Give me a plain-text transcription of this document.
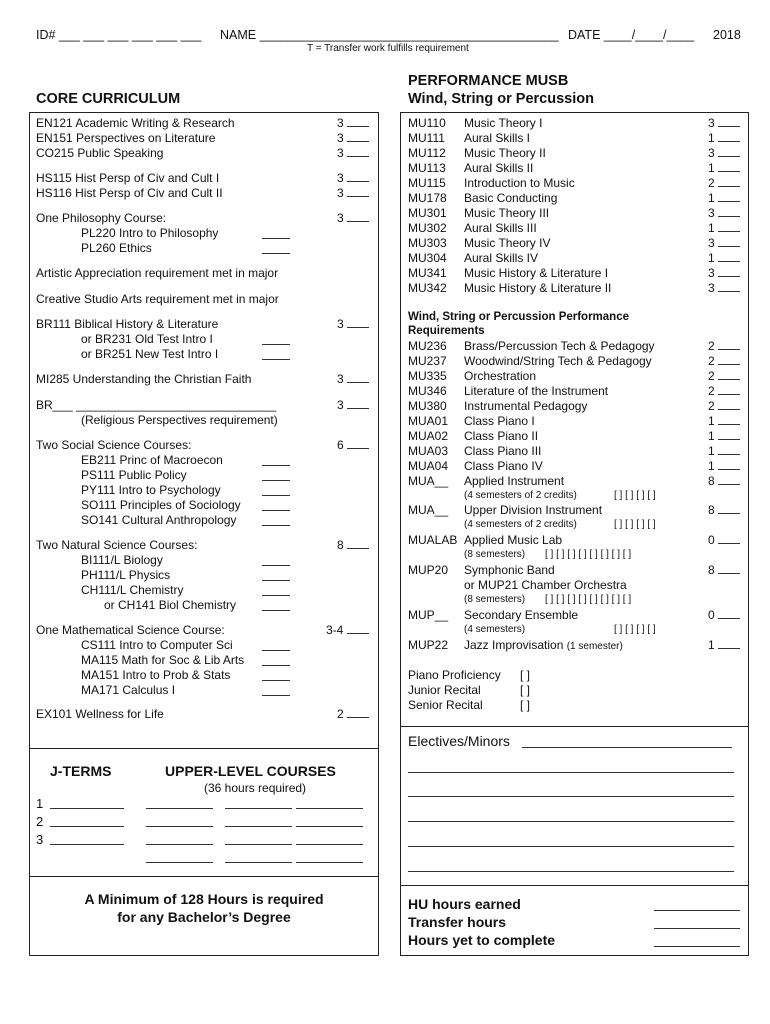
ID# ___ ___ ___ ___ ___ ___ NAME ___________________________________________ DATE ____/____/____ 2018
T = Transfer work fulfills requirement
CORE CURRICULUM
EN121 Academic Writing & Research	3
EN151 Perspectives on Literature	3
CO215 Public Speaking	3
HS115 Hist Persp of Civ and Cult I	3
HS116 Hist Persp of Civ and Cult II	3
One Philosophy Course:	3
PL220 Intro to Philosophy
PL260 Ethics
Artistic Appreciation requirement met in major
Creative Studio Arts requirement met in major
BR111 Biblical History & Literature	3
or BR231 Old Test Intro I
or BR251 New Test Intro I
MI285 Understanding the Christian Faith	3
BR___ ______________________________	3
(Religious Perspectives requirement)
Two Social Science Courses:	6
EB211 Princ of Macroecon
PS111 Public Policy
PY111 Intro to Psychology
SO111 Principles of Sociology
SO141 Cultural Anthropology
Two Natural Science Courses:	8
BI111/L Biology
PH111/L Physics
CH111/L Chemistry
or CH141 Biol Chemistry
One Mathematical Science Course:	3-4
CS111 Intro to Computer Sci
MA115 Math for Soc & Lib Arts
MA151 Intro to Prob & Stats
MA171 Calculus I
EX101 Wellness for Life	2
PERFORMANCE MUSB
Wind, String or Percussion
MU110 Music Theory I	3
MU111 Aural Skills I	1
MU112 Music Theory II	3
MU113 Aural Skills II	1
MU115 Introduction to Music	2
MU178 Basic Conducting	1
MU301 Music Theory III	3
MU302 Aural Skills III	1
MU303 Music Theory IV	3
MU304 Aural Skills IV	1
MU341 Music History & Literature I	3
MU342 Music History & Literature II	3
Wind, String or Percussion Performance
Requirements
MU236 Brass/Percussion Tech & Pedagogy	2
MU237 Woodwind/String Tech & Pedagogy	2
MU335 Orchestration	2
MU346 Literature of the Instrument	2
MU380 Instrumental Pedagogy	2
MUA01 Class Piano I	1
MUA02 Class Piano II	1
MUA03 Class Piano III	1
MUA04 Class Piano IV	1
MUA__ Applied Instrument	8
(4 semesters of 2 credits)	[ ] [ ] [ ] [ ]
MUA__ Upper Division Instrument	8
(4 semesters of 2 credits)	[ ] [ ] [ ] [ ]
MUALAB Applied Music Lab	0
(8 semesters) [ ] [ ] [ ] [ ] [ ] [ ] [ ] [ ]
MUP20 Symphonic Band	8
or MUP21 Chamber Orchestra
(8 semesters) [ ] [ ] [ ] [ ] [ ] [ ] [ ] [ ]
MUP__ Secondary Ensemble	0
(4 semesters)	[ ] [ ] [ ] [ ]
MUP22 Jazz Improvisation (1 semester)	1
Piano Proficiency [ ]
Junior Recital	[ ]
Senior Recital	[ ]
Electives/Minors
HU hours earned
Transfer hours
Hours yet to complete
J-TERMS
1
2
3
UPPER-LEVEL COURSES
(36 hours required)
A Minimum of 128 Hours is required
for any Bachelor’s Degree
